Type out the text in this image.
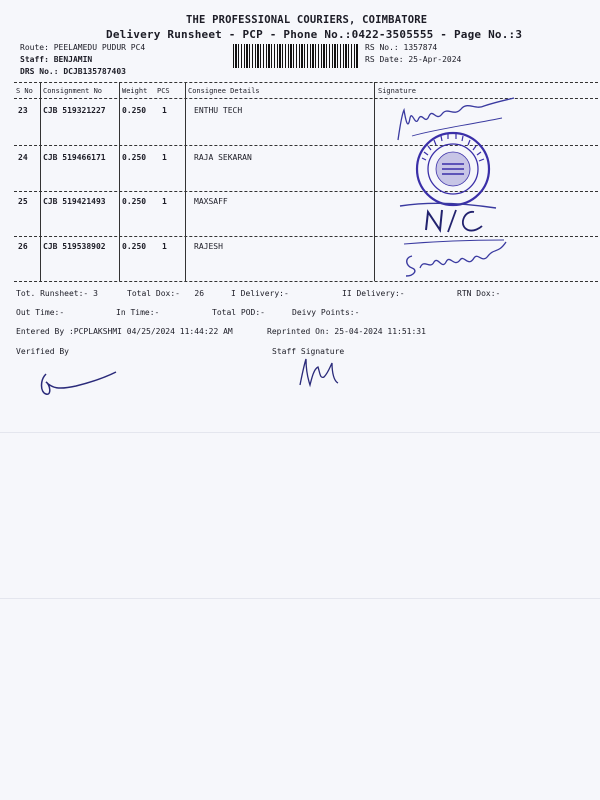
THE PROFESSIONAL COURIERS, COIMBATORE
Delivery Runsheet - PCP - Phone No.:0422-3505555 - Page No.:3
Route: PEELAMEDU PUDUR PC4
Staff: BENJAMIN
DRS No.: DCJB135787403
RS No.: 1357874
RS Date: 25-Apr-2024
S No Consignment No	Weight PCS	Consignee Details	Signature
23 CJB 519321227 0.250 1	ENTHU TECH
24 CJB 519466171 0.250 1	RAJA SEKARAN
25 CJB 519421493 0.250 1	MAXSAFF
26 CJB 519538902 0.250 1	RAJESH
Tot. Runsheet:- 3	Total Dox:-   26	I Delivery:-	II Delivery:-	RTN Dox:-
Out Time:-	In Time:-	Total POD:-	Deivy Points:-
Entered By :PCPLAKSHMI 04/25/2024 11:44:22 AM	Reprinted On: 25-04-2024 11:51:31
Verified By	Staff Signature
